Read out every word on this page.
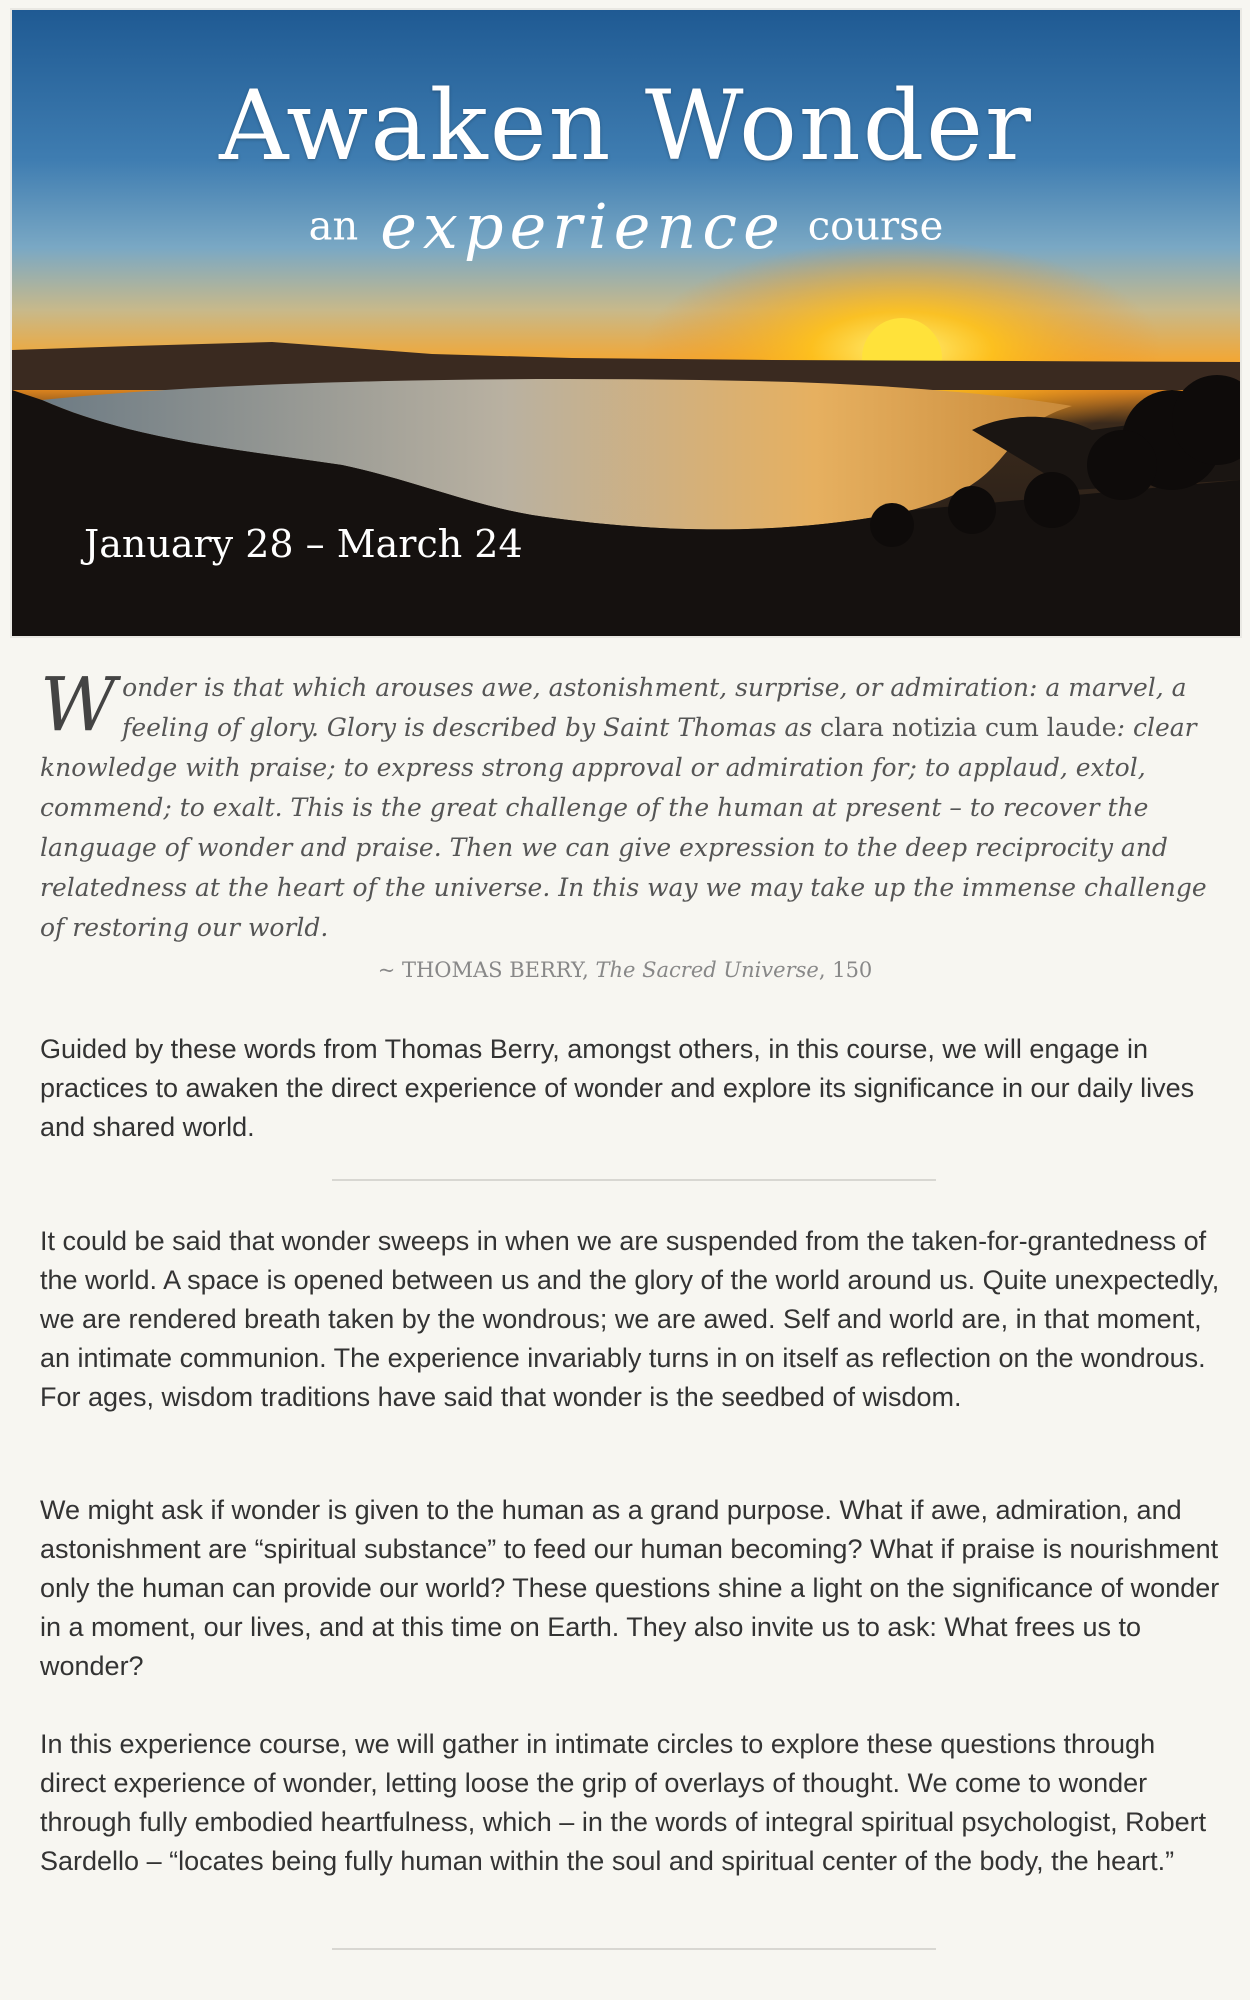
Awaken Wonder
an experience course
January 28 – March 24
Wonder is that which arouses awe, astonishment, surprise, or admiration: a marvel, a feeling of glory. Glory is described by Saint Thomas as clara notizia cum laude: clear knowledge with praise; to express strong approval or admiration for; to applaud, extol, commend; to exalt. This is the great challenge of the human at present – to recover the language of wonder and praise. Then we can give expression to the deep reciprocity and relatedness at the heart of the universe. In this way we may take up the immense challenge of restoring our world.
~ THOMAS BERRY, The Sacred Universe, 150

Guided by these words from Thomas Berry, amongst others, in this course, we will engage in practices to awaken the direct experience of wonder and explore its significance in our daily lives and shared world.

It could be said that wonder sweeps in when we are suspended from the taken-for-grantedness of the world. A space is opened between us and the glory of the world around us. Quite unexpectedly, we are rendered breath taken by the wondrous; we are awed. Self and world are, in that moment, an intimate communion. The experience invariably turns in on itself as reflection on the wondrous. For ages, wisdom traditions have said that wonder is the seedbed of wisdom.

We might ask if wonder is given to the human as a grand purpose. What if awe, admiration, and astonishment are “spiritual substance” to feed our human becoming? What if praise is nourishment only the human can provide our world? These questions shine a light on the significance of wonder in a moment, our lives, and at this time on Earth. They also invite us to ask: What frees us to wonder?

In this experience course, we will gather in intimate circles to explore these questions through direct experience of wonder, letting loose the grip of overlays of thought. We come to wonder through fully embodied heartfulness, which – in the words of integral spiritual psychologist, Robert Sardello – “locates being fully human within the soul and spiritual center of the body, the heart.”
